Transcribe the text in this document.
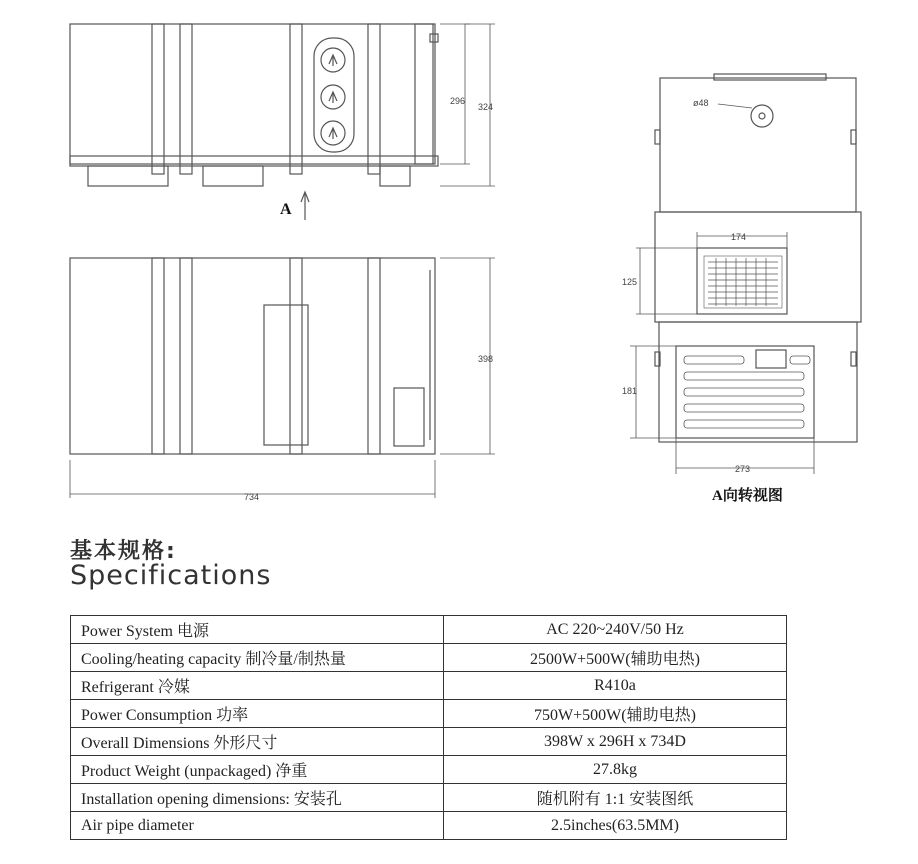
296
324
398
734
ø48
174
125
181
273
A
A向转视图
基本规格:
Specifications
Power System 电源	AC 220~240V/50 Hz
Cooling/heating capacity 制冷量/制热量	2500W+500W(辅助电热)
Refrigerant 冷媒	R410a
Power Consumption 功率	750W+500W(辅助电热)
Overall Dimensions 外形尺寸	398W x 296H x 734D
Product Weight (unpackaged) 净重	27.8kg
Installation opening dimensions: 安装孔	随机附有 1:1 安装图纸
Air pipe diameter	2.5inches(63.5MM)
